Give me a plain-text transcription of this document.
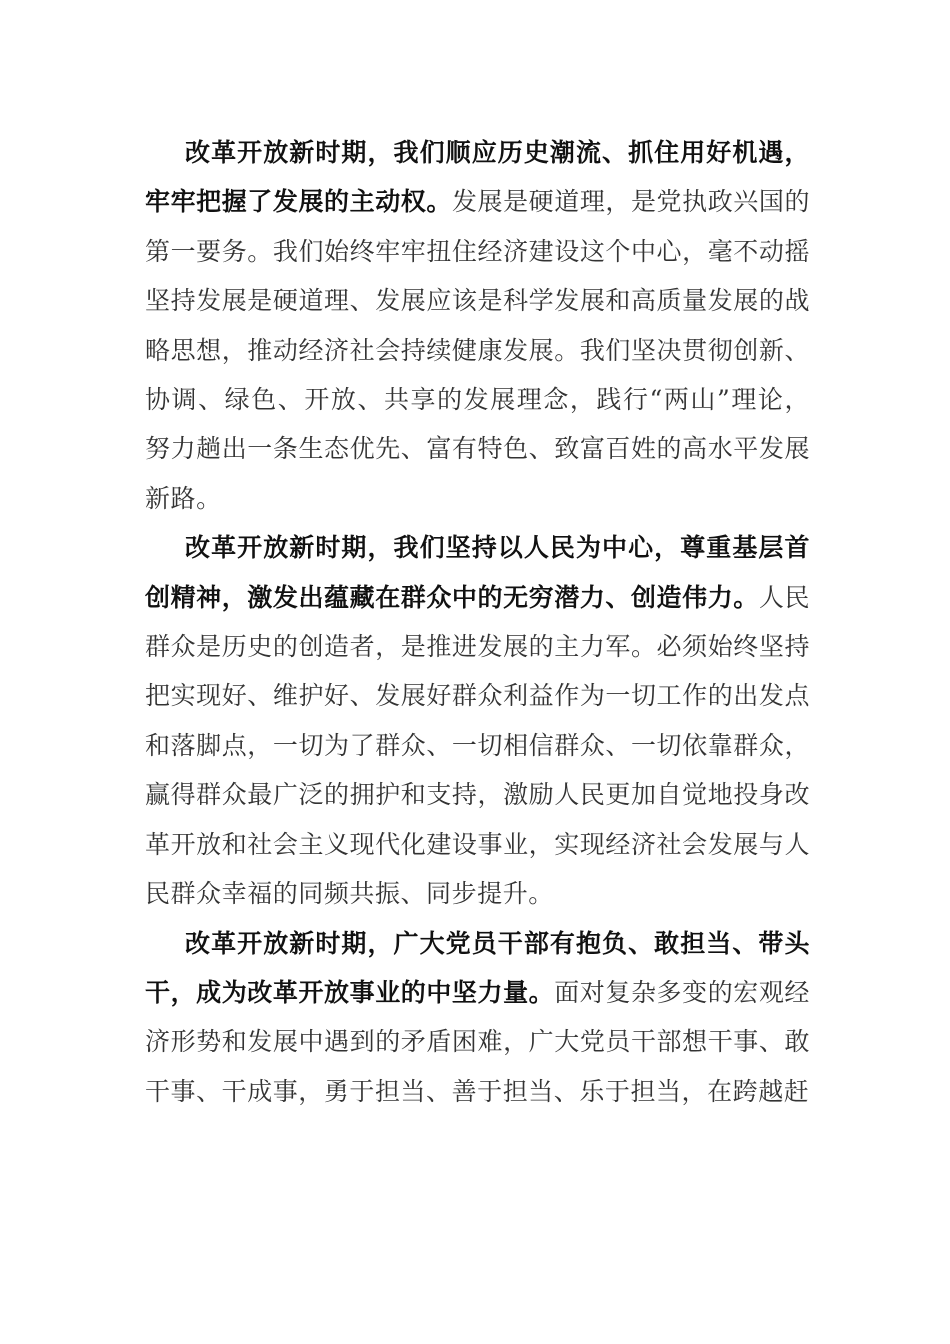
改革开放新时期，我们顺应历史潮流、抓住用好机遇，牢牢把握了发展的主动权。发展是硬道理，是党执政兴国的第一要务。我们始终牢牢扭住经济建设这个中心，毫不动摇坚持发展是硬道理、发展应该是科学发展和高质量发展的战略思想，推动经济社会持续健康发展。我们坚决贯彻创新、协调、绿色、开放、共享的发展理念，践行“两山”理论，努力趟出一条生态优先、富有特色、致富百姓的高水平发展新路。

改革开放新时期，我们坚持以人民为中心，尊重基层首创精神，激发出蕴藏在群众中的无穷潜力、创造伟力。人民群众是历史的创造者，是推进发展的主力军。必须始终坚持把实现好、维护好、发展好群众利益作为一切工作的出发点和落脚点，一切为了群众、一切相信群众、一切依靠群众，赢得群众最广泛的拥护和支持，激励人民更加自觉地投身改革开放和社会主义现代化建设事业，实现经济社会发展与人民群众幸福的同频共振、同步提升。

改革开放新时期，广大党员干部有抱负、敢担当、带头干，成为改革开放事业的中坚力量。面对复杂多变的宏观经济形势和发展中遇到的矛盾困难，广大党员干部想干事、敢干事、干成事，勇于担当、善于担当、乐于担当，在跨越赶
